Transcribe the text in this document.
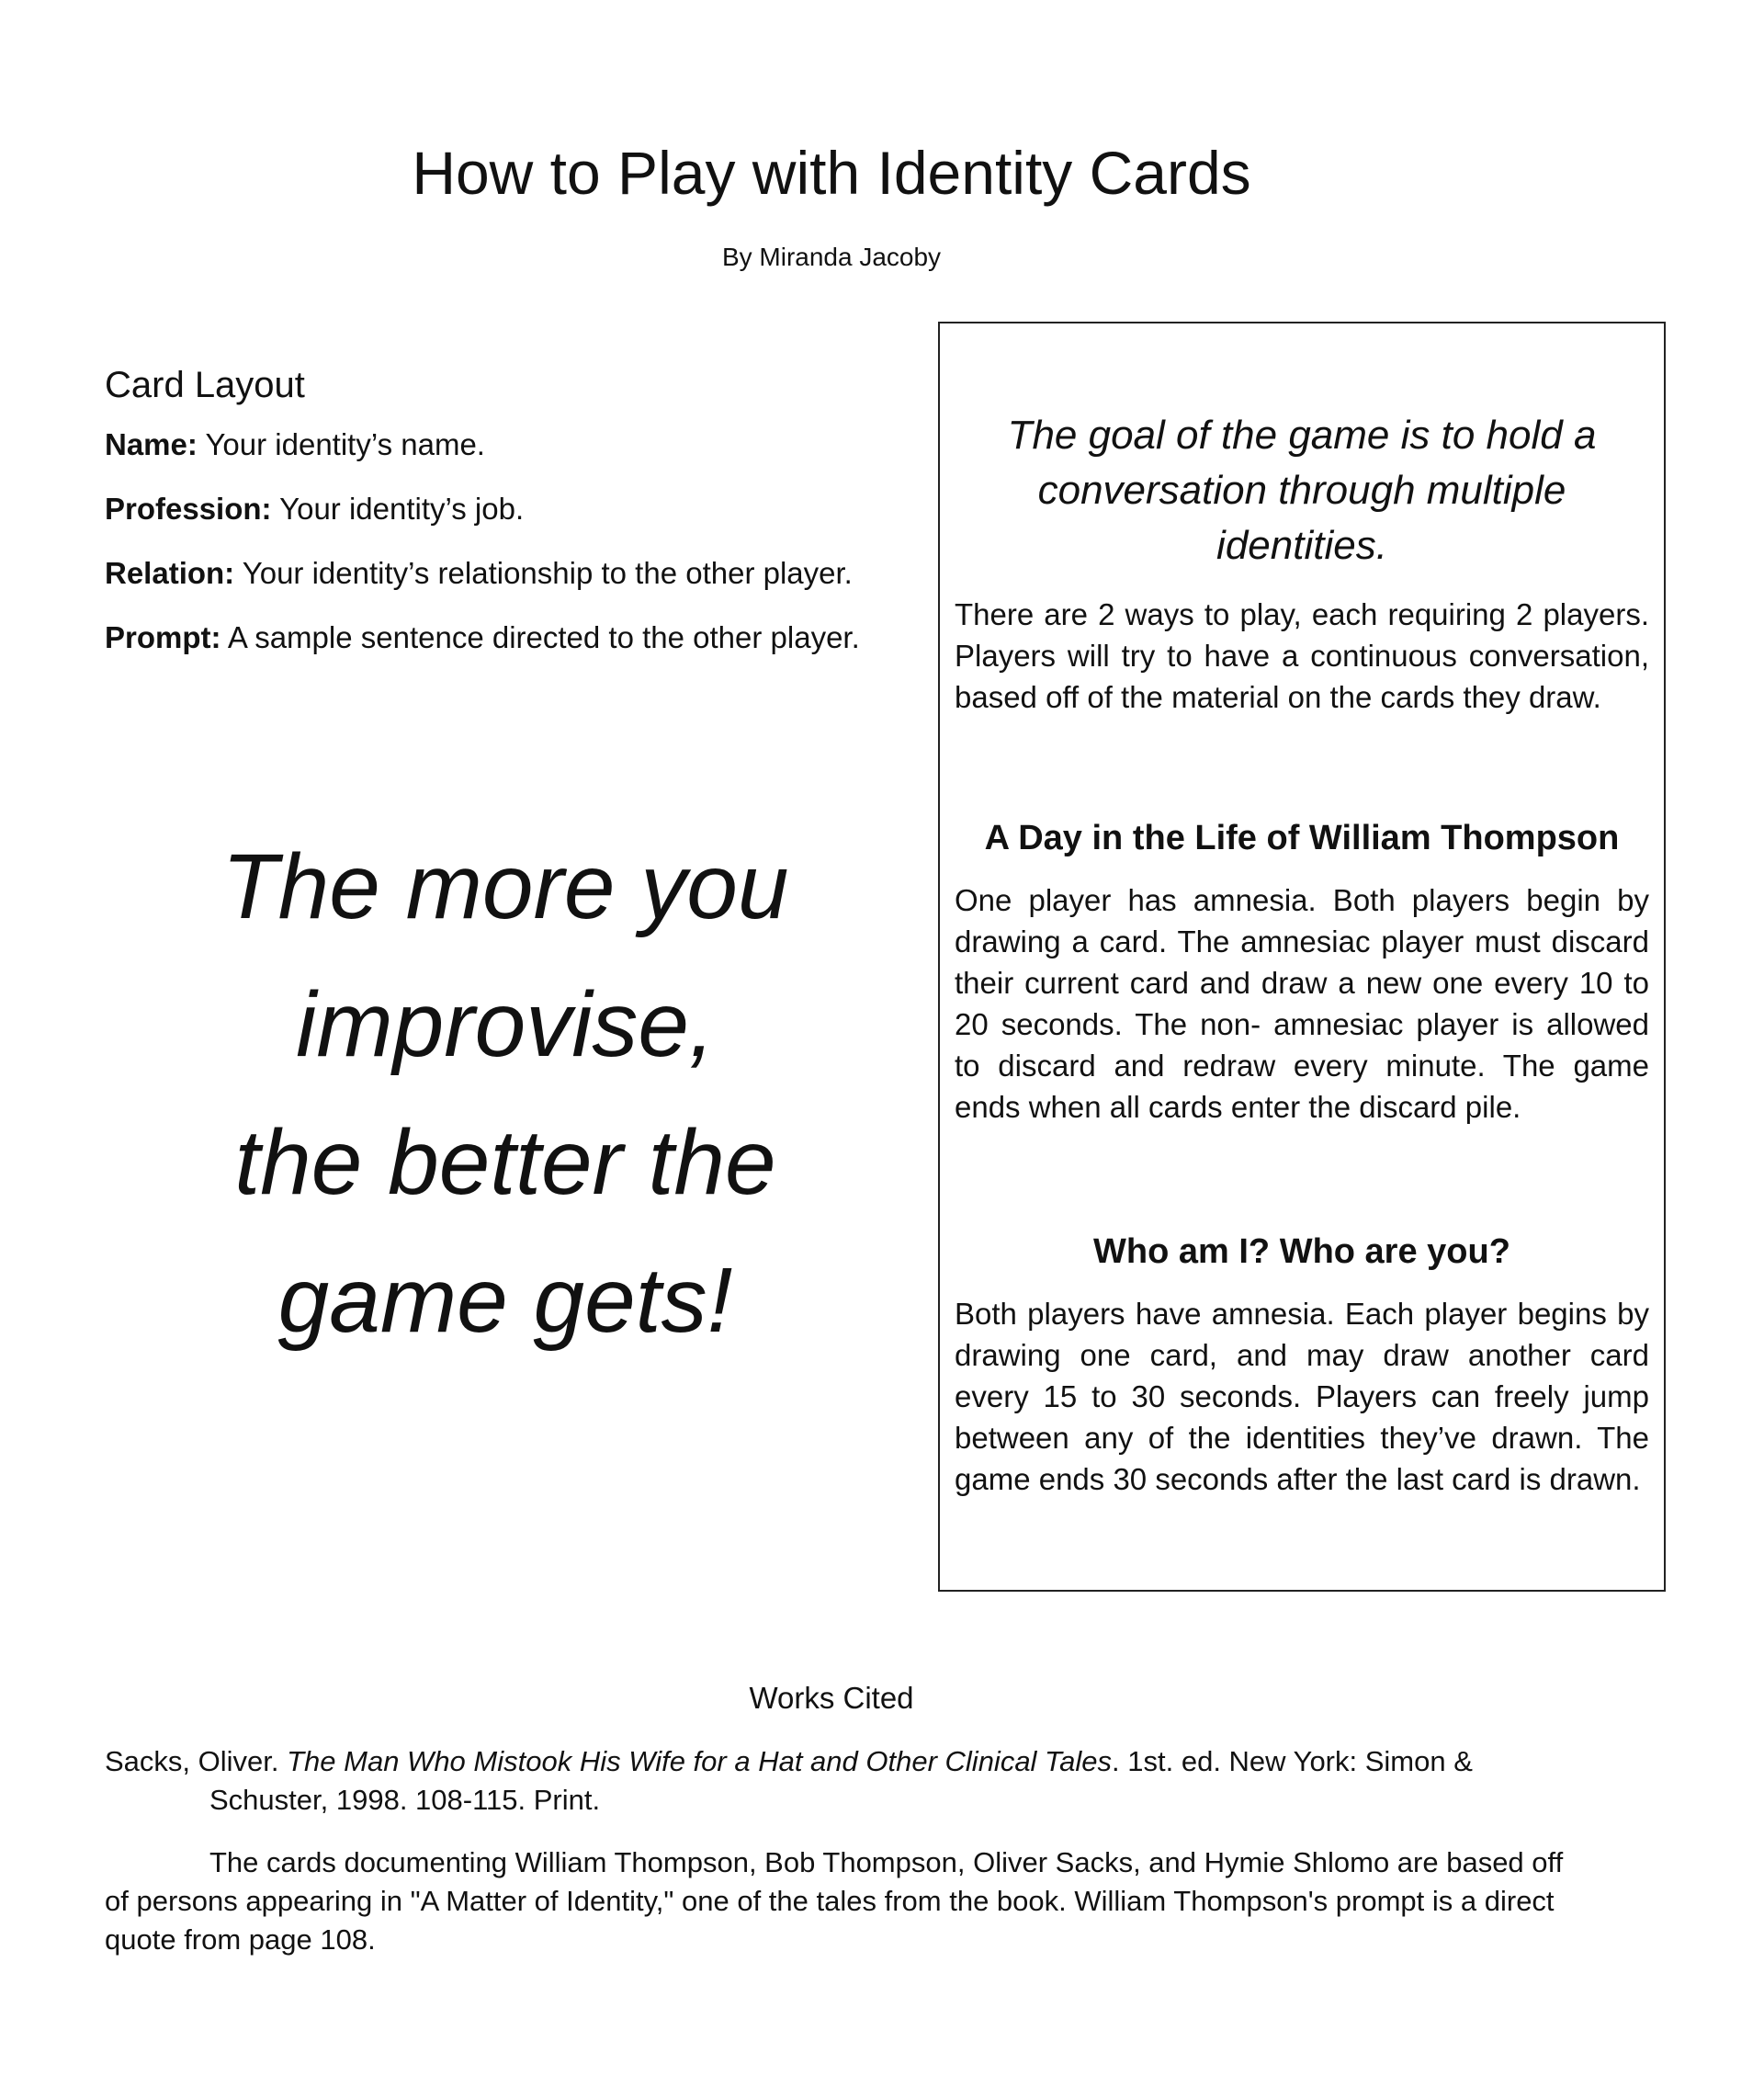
How to Play with Identity Cards
By Miranda Jacoby
Card Layout

Name: Your identity’s name.

Profession: Your identity’s job.

Relation: Your identity’s relationship to the other player.

Prompt: A sample sentence directed to the other player.

The more you
improvise,
the better the
game gets!
The goal of the game is to hold a conversation through multiple identities.

There are 2 ways to play, each requiring 2 players. Players will try to have a continuous conversation, based off of the material on the cards they draw.

A Day in the Life of William Thompson

One player has amnesia. Both players begin by drawing a card. The amnesiac player must discard their current card and draw a new one every 10 to 20 seconds. The non- amnesiac player is allowed to discard and redraw every minute. The game ends when all cards enter the discard pile.

Who am I? Who are you?

Both players have amnesia. Each player begins by drawing one card, and may draw another card every 15 to 30 seconds. Players can freely jump between any of the identities they’ve drawn. The game ends 30 seconds after the last card is drawn.

Works Cited
Sacks, Oliver. The Man Who Mistook His Wife for a Hat and Other Clinical Tales. 1st. ed. New York: Simon & Schuster, 1998. 108-115. Print.
The cards documenting William Thompson, Bob Thompson, Oliver Sacks, and Hymie Shlomo are based off of persons appearing in "A Matter of Identity," one of the tales from the book. William Thompson's prompt is a direct quote from page 108.
